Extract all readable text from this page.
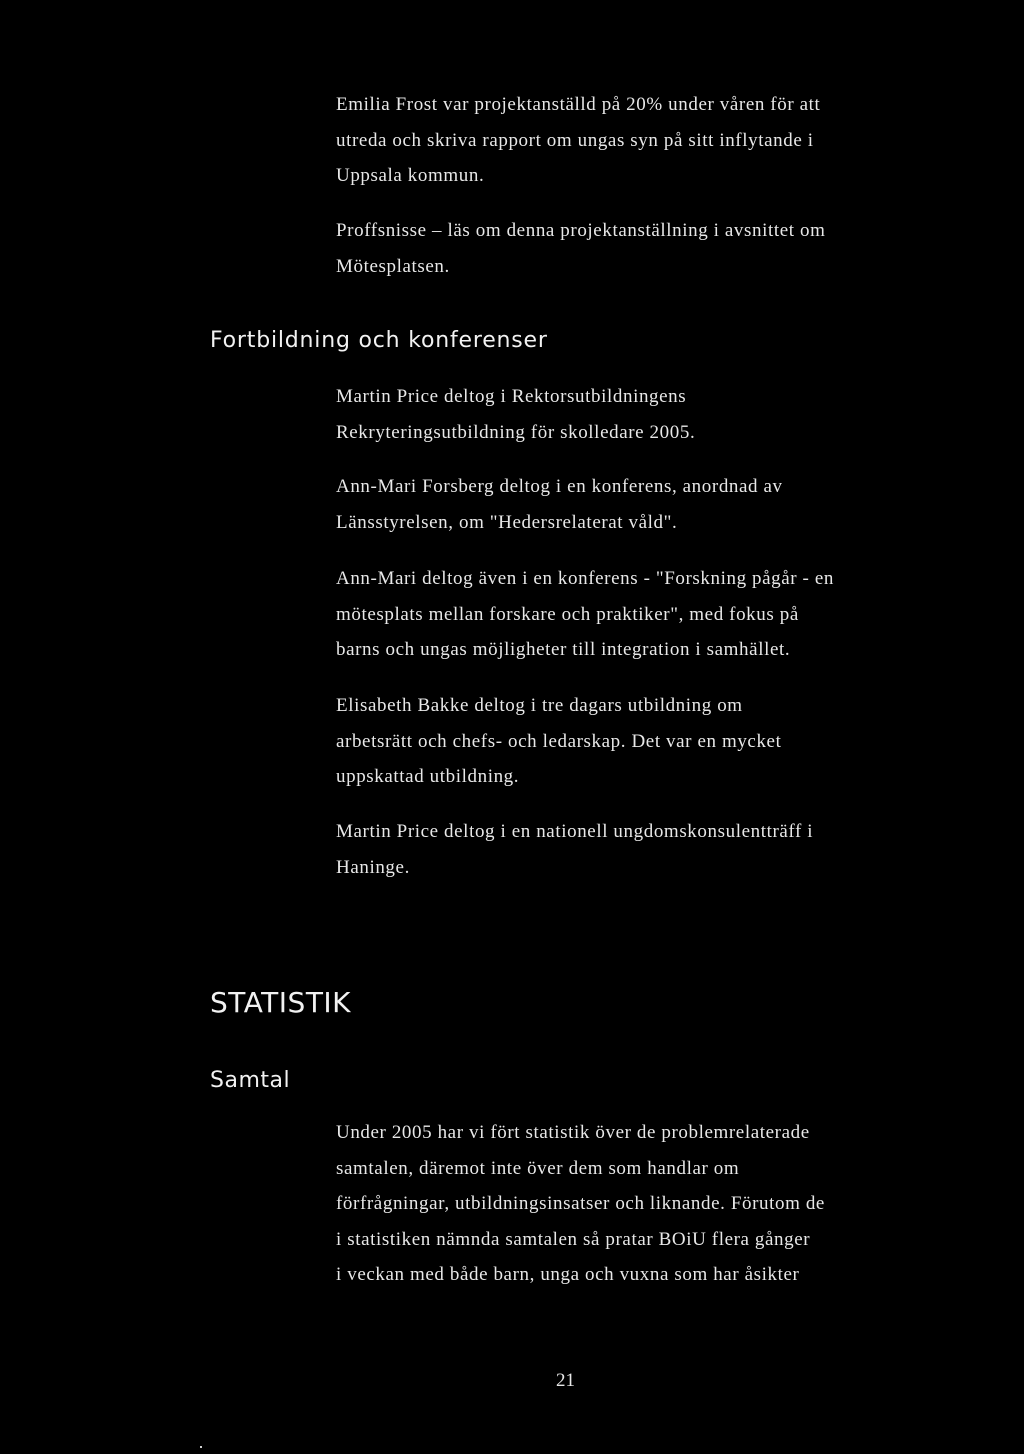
Emilia Frost var projektanställd på 20% under våren för att
utreda och skriva rapport om ungas syn på sitt inflytande i
Uppsala kommun.

Proffsnisse – läs om denna projektanställning i avsnittet om
Mötesplatsen.

Fortbildning och konferenser

Martin Price deltog i Rektorsutbildningens
Rekryteringsutbildning för skolledare 2005.

Ann-Mari Forsberg deltog i en konferens, anordnad av
Länsstyrelsen, om "Hedersrelaterat våld".

Ann-Mari deltog även i en konferens - "Forskning pågår - en
mötesplats mellan forskare och praktiker", med fokus på
barns och ungas möjligheter till integration i samhället.

Elisabeth Bakke deltog i tre dagars utbildning om
arbetsrätt och chefs- och ledarskap. Det var en mycket
uppskattad utbildning.

Martin Price deltog i en nationell ungdomskonsulentträff i
Haninge.

STATISTIK
Samtal

Under 2005 har vi fört statistik över de problemrelaterade
samtalen, däremot inte över dem som handlar om
förfrågningar, utbildningsinsatser och liknande. Förutom de
i statistiken nämnda samtalen så pratar BOiU flera gånger
i veckan med både barn, unga och vuxna som har åsikter

21
